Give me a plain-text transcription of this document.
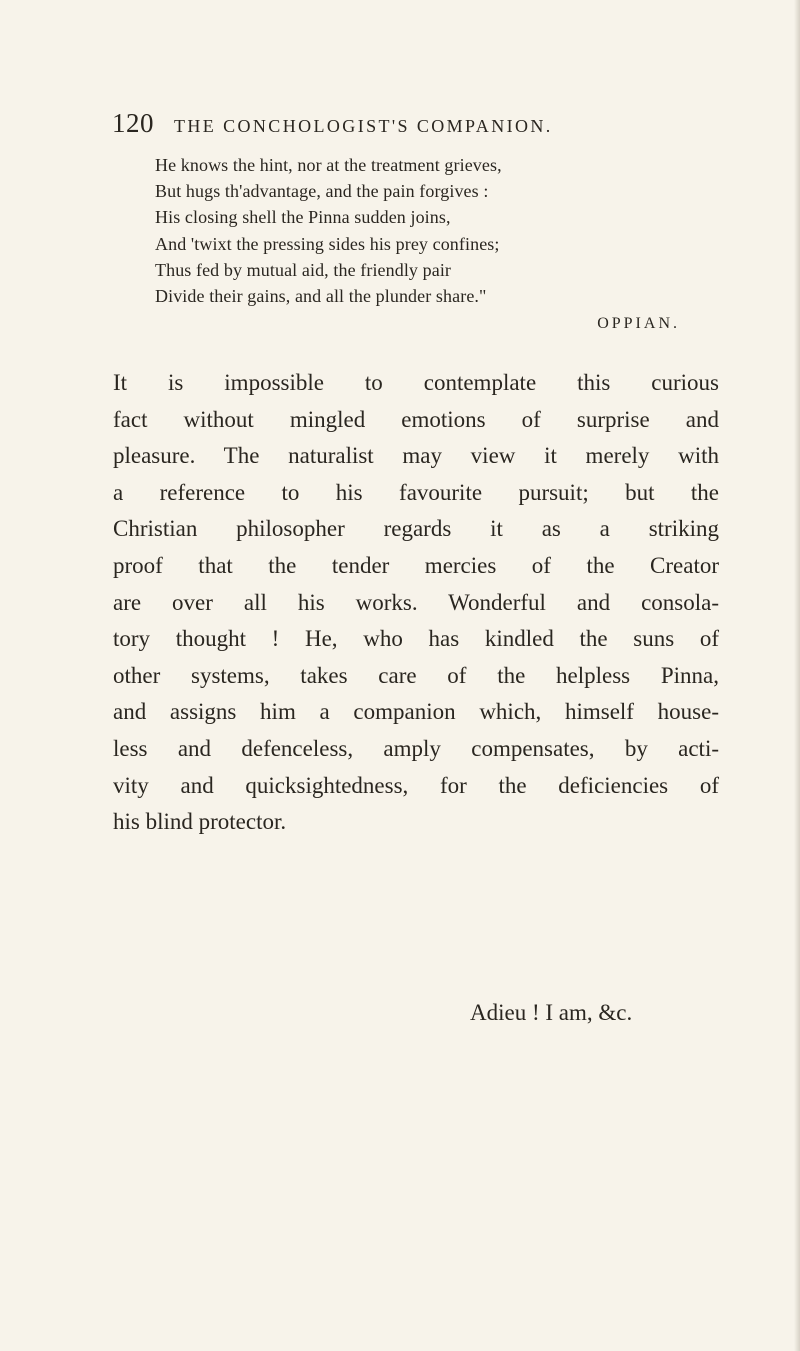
120 THE CONCHOLOGIST'S COMPANION.
He knows the hint, nor at the treatment grieves,
But hugs th'advantage, and the pain forgives :
His closing shell the Pinna sudden joins,
And 'twixt the pressing sides his prey confines;
Thus fed by mutual aid, the friendly pair
Divide their gains, and all the plunder share."
OPPIAN.
It is impossible to contemplate this curious
fact without mingled emotions of surprise and
pleasure. The naturalist may view it merely with
a reference to his favourite pursuit; but the
Christian philosopher regards it as a striking
proof that the tender mercies of the Creator
are over all his works. Wonderful and consola-
tory thought ! He, who has kindled the suns of
other systems, takes care of the helpless Pinna,
and assigns him a companion which, himself house-
less and defenceless, amply compensates, by acti-
vity and quicksightedness, for the deficiencies of
his blind protector.
Adieu ! I am, &c.
